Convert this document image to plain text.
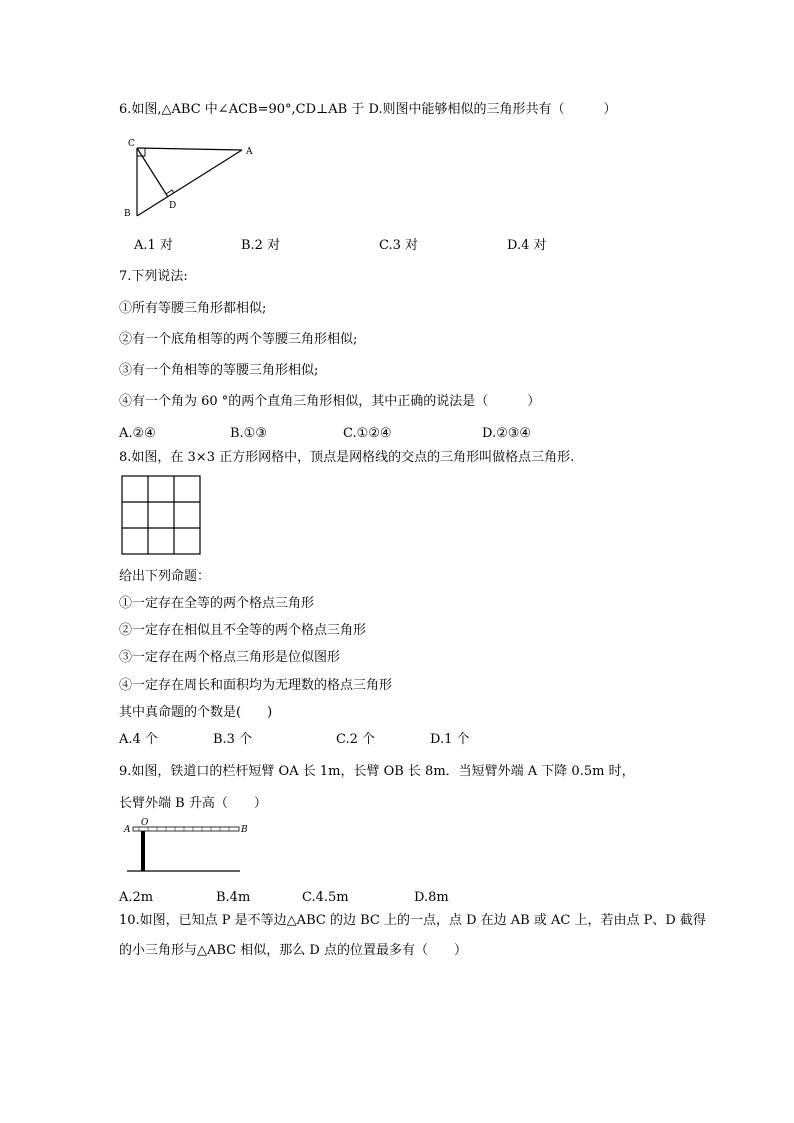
6.如图,△ABC 中∠ACB=90°,CD⊥AB 于 D.则图中能够相似的三角形共有（　　　）
C
A
B
D
A.1 对	B.2 对	C.3 对	D.4 对
7.下列说法:
①所有等腰三角形都相似;
②有一个底角相等的两个等腰三角形相似;
③有一个角相等的等腰三角形相似;
④有一个角为 60 °的两个直角三角形相似，其中正确的说法是（　　　）
A.②④	B.①③	C.①②④	D.②③④
8.如图，在 3×3 正方形网格中，顶点是网格线的交点的三角形叫做格点三角形.
给出下列命题：
①一定存在全等的两个格点三角形
②一定存在相似且不全等的两个格点三角形
③一定存在两个格点三角形是位似图形
④一定存在周长和面积均为无理数的格点三角形
其中真命题的个数是(　　)
A.4 个	B.3 个	C.2 个	D.1 个
9.如图，铁道口的栏杆短臂 OA 长 1m，长臂 OB 长 8m．当短臂外端 A 下降 0.5m 时，
长臂外端 B 升高（　　）
A
O
B
A.2m	B.4m	C.4.5m	D.8m
10.如图，已知点 P 是不等边△ABC 的边 BC 上的一点，点 D 在边 AB 或 AC 上，若由点 P、D 截得
的小三角形与△ABC 相似，那么 D 点的位置最多有（　　）
